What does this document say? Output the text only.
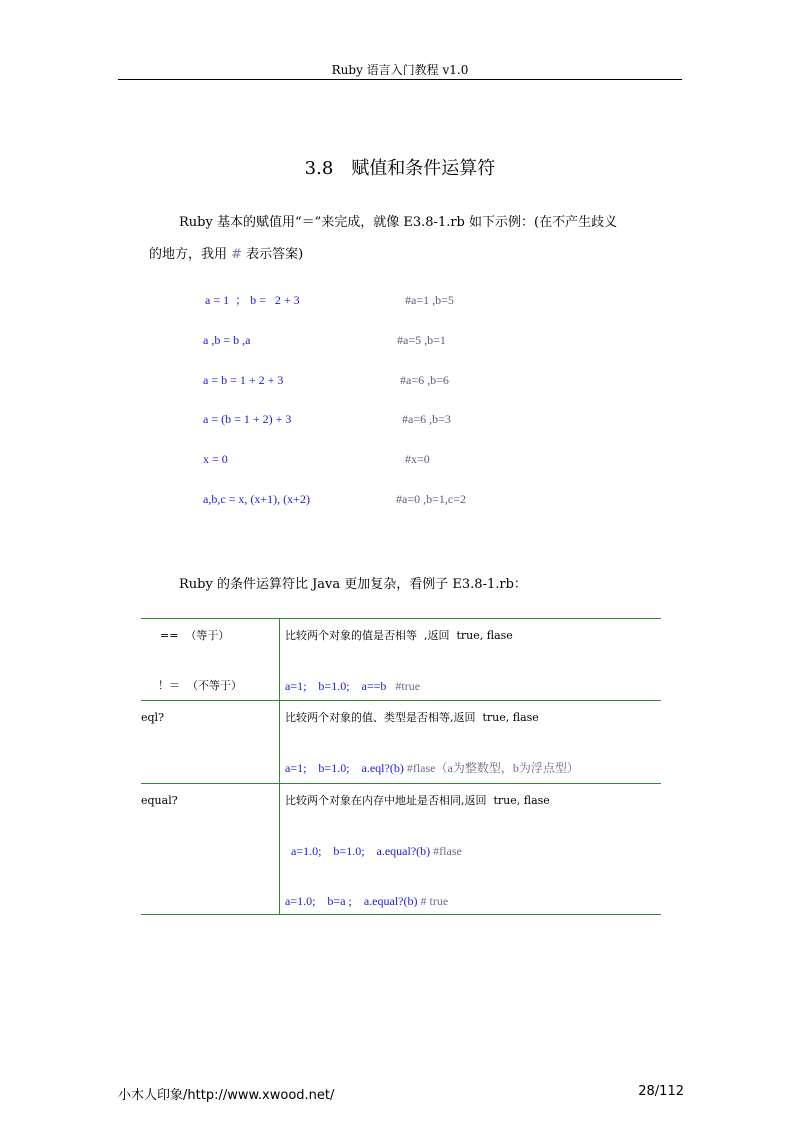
Ruby 语言入门教程 v1.0
3.8　赋值和条件运算符
Ruby 基本的赋值用“＝”来完成，就像 E3.8-1.rb 如下示例：(在不产生歧义
的地方，我用 # 表示答案)
a = 1  ； b =   2 + 3	#a=1 ,b=5
a ,b = b ,a	#a=5 ,b=1
a = b = 1 + 2 + 3	#a=6 ,b=6
a = (b = 1 + 2) + 3	#a=6 ,b=3
x = 0	#x=0
a,b,c = x, (x+1), (x+2)	#a=0 ,b=1,c=2
Ruby 的条件运算符比 Java 更加复杂，看例子 E3.8-1.rb：
==  （等于）
！＝  （不等于）	比较两个对象的值是否相等  ,返回  true, flase
a=1;    b=1.0;    a==b   #true

eql?	比较两个对象的值、类型是否相等,返回  true, flase
a=1;    b=1.0;    a.eql?(b) #flase（a为整数型，b为浮点型）

equal?	比较两个对象在内存中地址是否相同,返回  true, flase
a=1.0;    b=1.0;    a.equal?(b) #flase
a=1.0;    b=a ;    a.equal?(b) # true
小木人印象/http://www.xwood.net/	28/112
